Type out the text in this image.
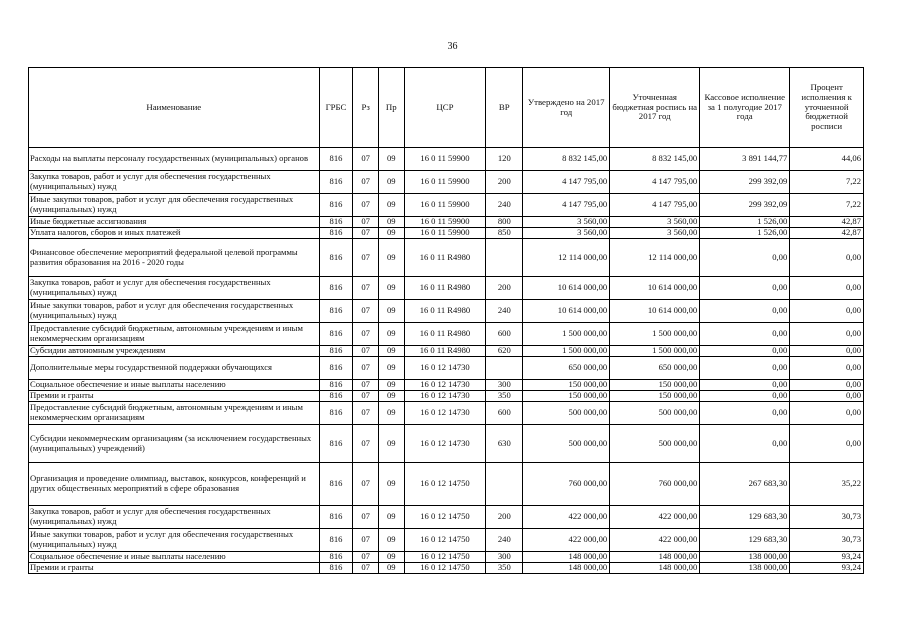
36
Наименование	ГРБС	Рз	Пр	ЦСР	ВР	Утверждено на 2017 год	Уточненная бюджетная роспись на 2017 год	Кассовое исполнение за 1 полугодие 2017 года	Процент исполнения к уточненной бюджетной росписи
Расходы на выплаты персоналу государственных (муниципальных) органов	816	07	09	16 0 11 59900	120	8 832 145,00	8 832 145,00	3 891 144,77	44,06
Закупка товаров, работ и услуг для обеспечения государственных (муниципальных) нужд	816	07	09	16 0 11 59900	200	4 147 795,00	4 147 795,00	299 392,09	7,22
Иные закупки товаров, работ и услуг для обеспечения государственных (муниципальных) нужд	816	07	09	16 0 11 59900	240	4 147 795,00	4 147 795,00	299 392,09	7,22
Иные бюджетные ассигнования	816	07	09	16 0 11 59900	800	3 560,00	3 560,00	1 526,00	42,87
Уплата налогов, сборов и иных платежей	816	07	09	16 0 11 59900	850	3 560,00	3 560,00	1 526,00	42,87
Финансовое обеспечение мероприятий федеральной целевой программы развития образования на 2016 - 2020 годы	816	07	09	16 0 11 R4980		12 114 000,00	12 114 000,00	0,00	0,00
Закупка товаров, работ и услуг для обеспечения государственных (муниципальных) нужд	816	07	09	16 0 11 R4980	200	10 614 000,00	10 614 000,00	0,00	0,00
Иные закупки товаров, работ и услуг для обеспечения государственных (муниципальных) нужд	816	07	09	16 0 11 R4980	240	10 614 000,00	10 614 000,00	0,00	0,00
Предоставление субсидий бюджетным, автономным учреждениям и иным некоммерческим организациям	816	07	09	16 0 11 R4980	600	1 500 000,00	1 500 000,00	0,00	0,00
Субсидии автономным учреждениям	816	07	09	16 0 11 R4980	620	1 500 000,00	1 500 000,00	0,00	0,00
Дополнительные меры государственной поддержки обучающихся	816	07	09	16 0 12 14730		650 000,00	650 000,00	0,00	0,00
Социальное обеспечение и иные выплаты населению	816	07	09	16 0 12 14730	300	150 000,00	150 000,00	0,00	0,00
Премии и гранты	816	07	09	16 0 12 14730	350	150 000,00	150 000,00	0,00	0,00
Предоставление субсидий бюджетным, автономным учреждениям и иным некоммерческим организациям	816	07	09	16 0 12 14730	600	500 000,00	500 000,00	0,00	0,00
Субсидии некоммерческим организациям (за исключением государственных (муниципальных) учреждений)	816	07	09	16 0 12 14730	630	500 000,00	500 000,00	0,00	0,00
Организация и проведение олимпиад, выставок, конкурсов, конференций и других общественных мероприятий в сфере образования	816	07	09	16 0 12 14750		760 000,00	760 000,00	267 683,30	35,22
Закупка товаров, работ и услуг для обеспечения государственных (муниципальных) нужд	816	07	09	16 0 12 14750	200	422 000,00	422 000,00	129 683,30	30,73
Иные закупки товаров, работ и услуг для обеспечения государственных (муниципальных) нужд	816	07	09	16 0 12 14750	240	422 000,00	422 000,00	129 683,30	30,73
Социальное обеспечение и иные выплаты населению	816	07	09	16 0 12 14750	300	148 000,00	148 000,00	138 000,00	93,24
Премии и гранты	816	07	09	16 0 12 14750	350	148 000,00	148 000,00	138 000,00	93,24
